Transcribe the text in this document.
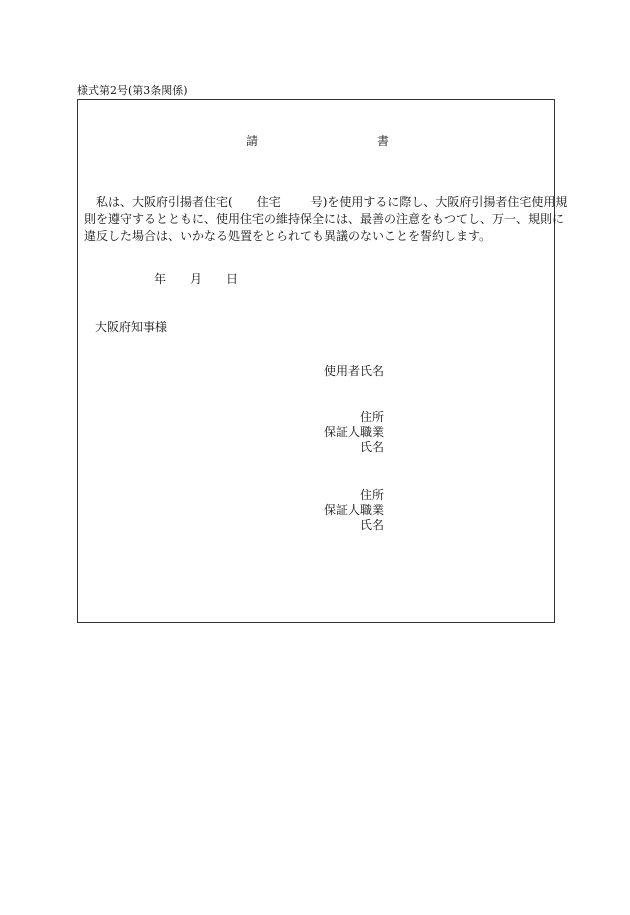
様式第2号(第3条関係)
請	書
私は、大阪府引揚者住宅( 住宅	号)を使用するに際し、大阪府引揚者住宅使用規
則を遵守するとともに、使用住宅の維持保全には、最善の注意をもつてし、万一、規則に
違反した場合は、いかなる処置をとられても異議のないことを誓約します。
年 月 日
大阪府知事様
使用者氏名
住所
保証人職業
氏名
住所
保証人職業
氏名
